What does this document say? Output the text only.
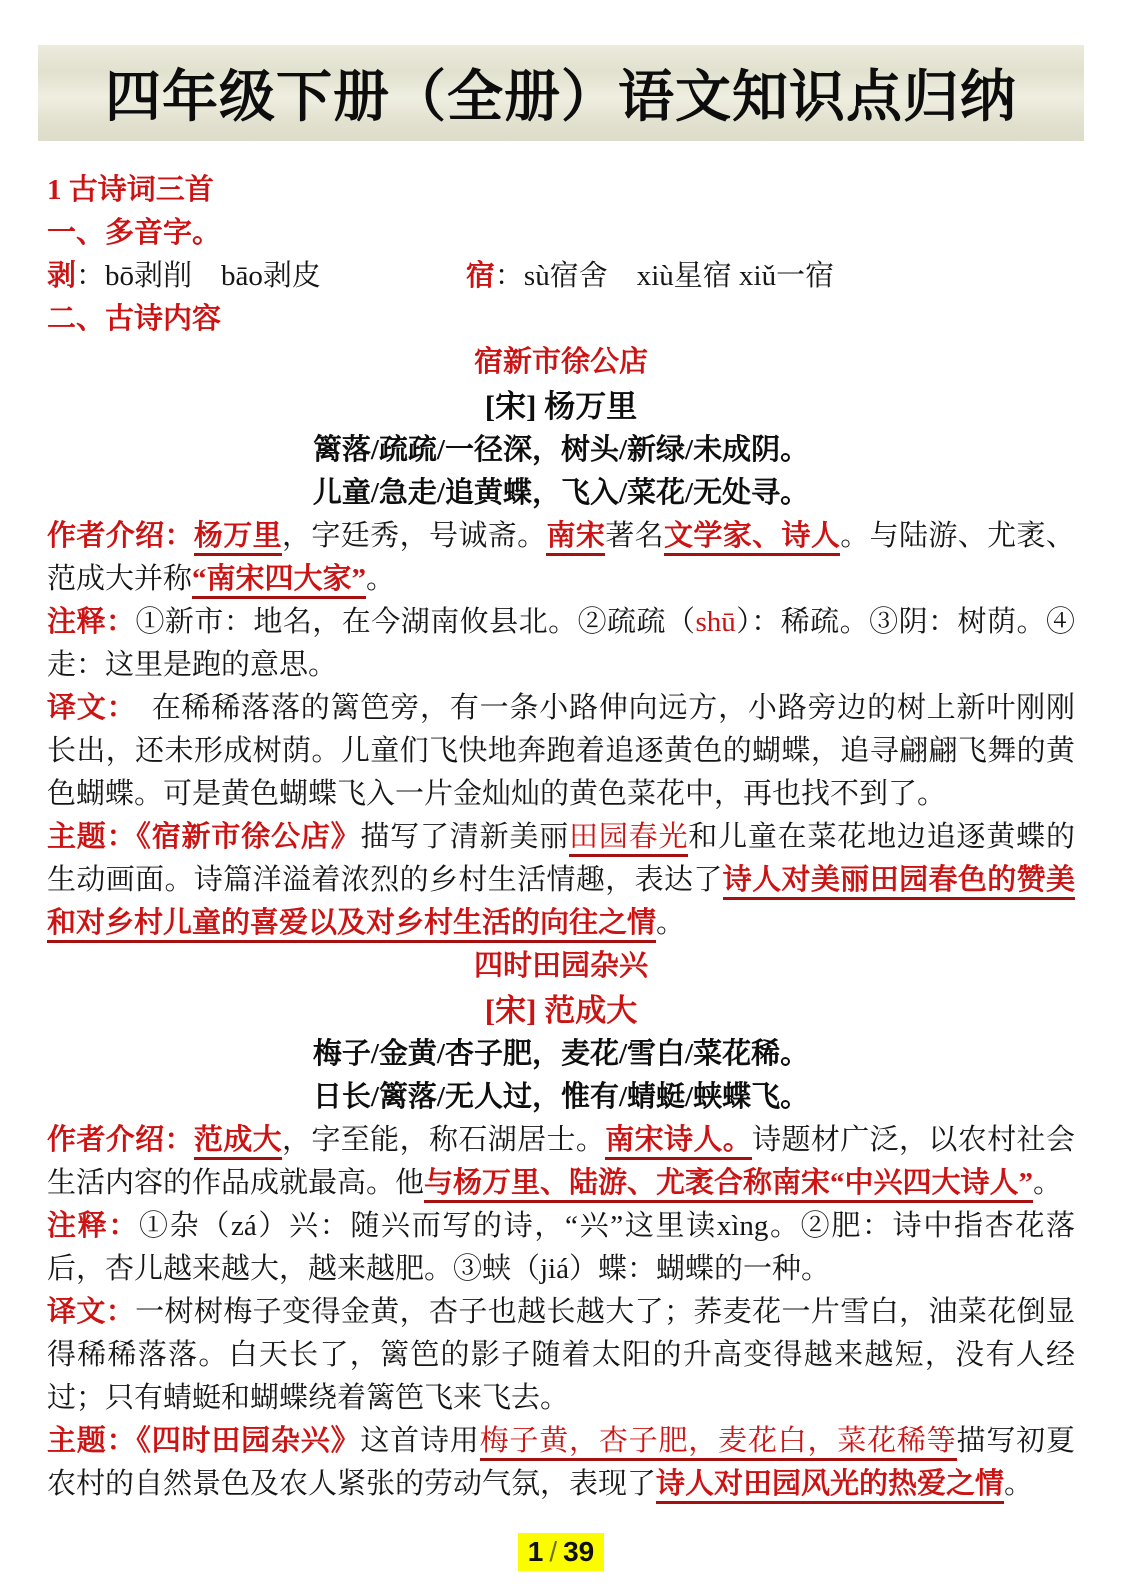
四年级下册（全册）语文知识点归纳

1 古诗词三首

一、多音字。

剥：bō剥削　bāo剥皮　　　　　	宿：sù宿舍　xiù星宿 xiǔ一宿

二、古诗内容

宿新市徐公店

[宋] 杨万里

篱落/疏疏/一径深，树头/新绿/未成阴。

儿童/急走/追黄蝶，飞入/菜花/无处寻。

作者介绍：杨万里，字廷秀，号诚斋。南宋著名文学家、诗人。与陆游、尤袤、范成大并称“南宋四大家”。

注释：①新市：地名，在今湖南攸县北。②疏疏（shū）：稀疏。③阴：树荫。④走：这里是跑的意思。

译文：　在稀稀落落的篱笆旁，有一条小路伸向远方，小路旁边的树上新叶刚刚长出，还未形成树荫。儿童们飞快地奔跑着追逐黄色的蝴蝶，追寻翩翩飞舞的黄色蝴蝶。可是黄色蝴蝶飞入一片金灿灿的黄色菜花中，再也找不到了。

主题：《宿新市徐公店》描写了清新美丽田园春光和儿童在菜花地边追逐黄蝶的生动画面。诗篇洋溢着浓烈的乡村生活情趣，表达了诗人对美丽田园春色的赞美和对乡村儿童的喜爱以及对乡村生活的向往之情。

四时田园杂兴

[宋] 范成大

梅子/金黄/杏子肥，麦花/雪白/菜花稀。

日长/篱落/无人过，惟有/蜻蜓/蛱蝶飞。

作者介绍：范成大，字至能，称石湖居士。南宋诗人。诗题材广泛，以农村社会生活内容的作品成就最高。他与杨万里、陆游、尤袤合称南宋“中兴四大诗人”。

注释：①杂（zá）兴：随兴而写的诗，“兴”这里读xìng。②肥：诗中指杏花落后，杏儿越来越大，越来越肥。③蛱（jiá）蝶：蝴蝶的一种。

译文：一树树梅子变得金黄，杏子也越长越大了；荞麦花一片雪白，油菜花倒显得稀稀落落。白天长了，篱笆的影子随着太阳的升高变得越来越短，没有人经过；只有蜻蜓和蝴蝶绕着篱笆飞来飞去。

主题：《四时田园杂兴》这首诗用梅子黄，杏子肥，麦花白，菜花稀等描写初夏农村的自然景色及农人紧张的劳动气氛，表现了诗人对田园风光的热爱之情。

1 / 39
